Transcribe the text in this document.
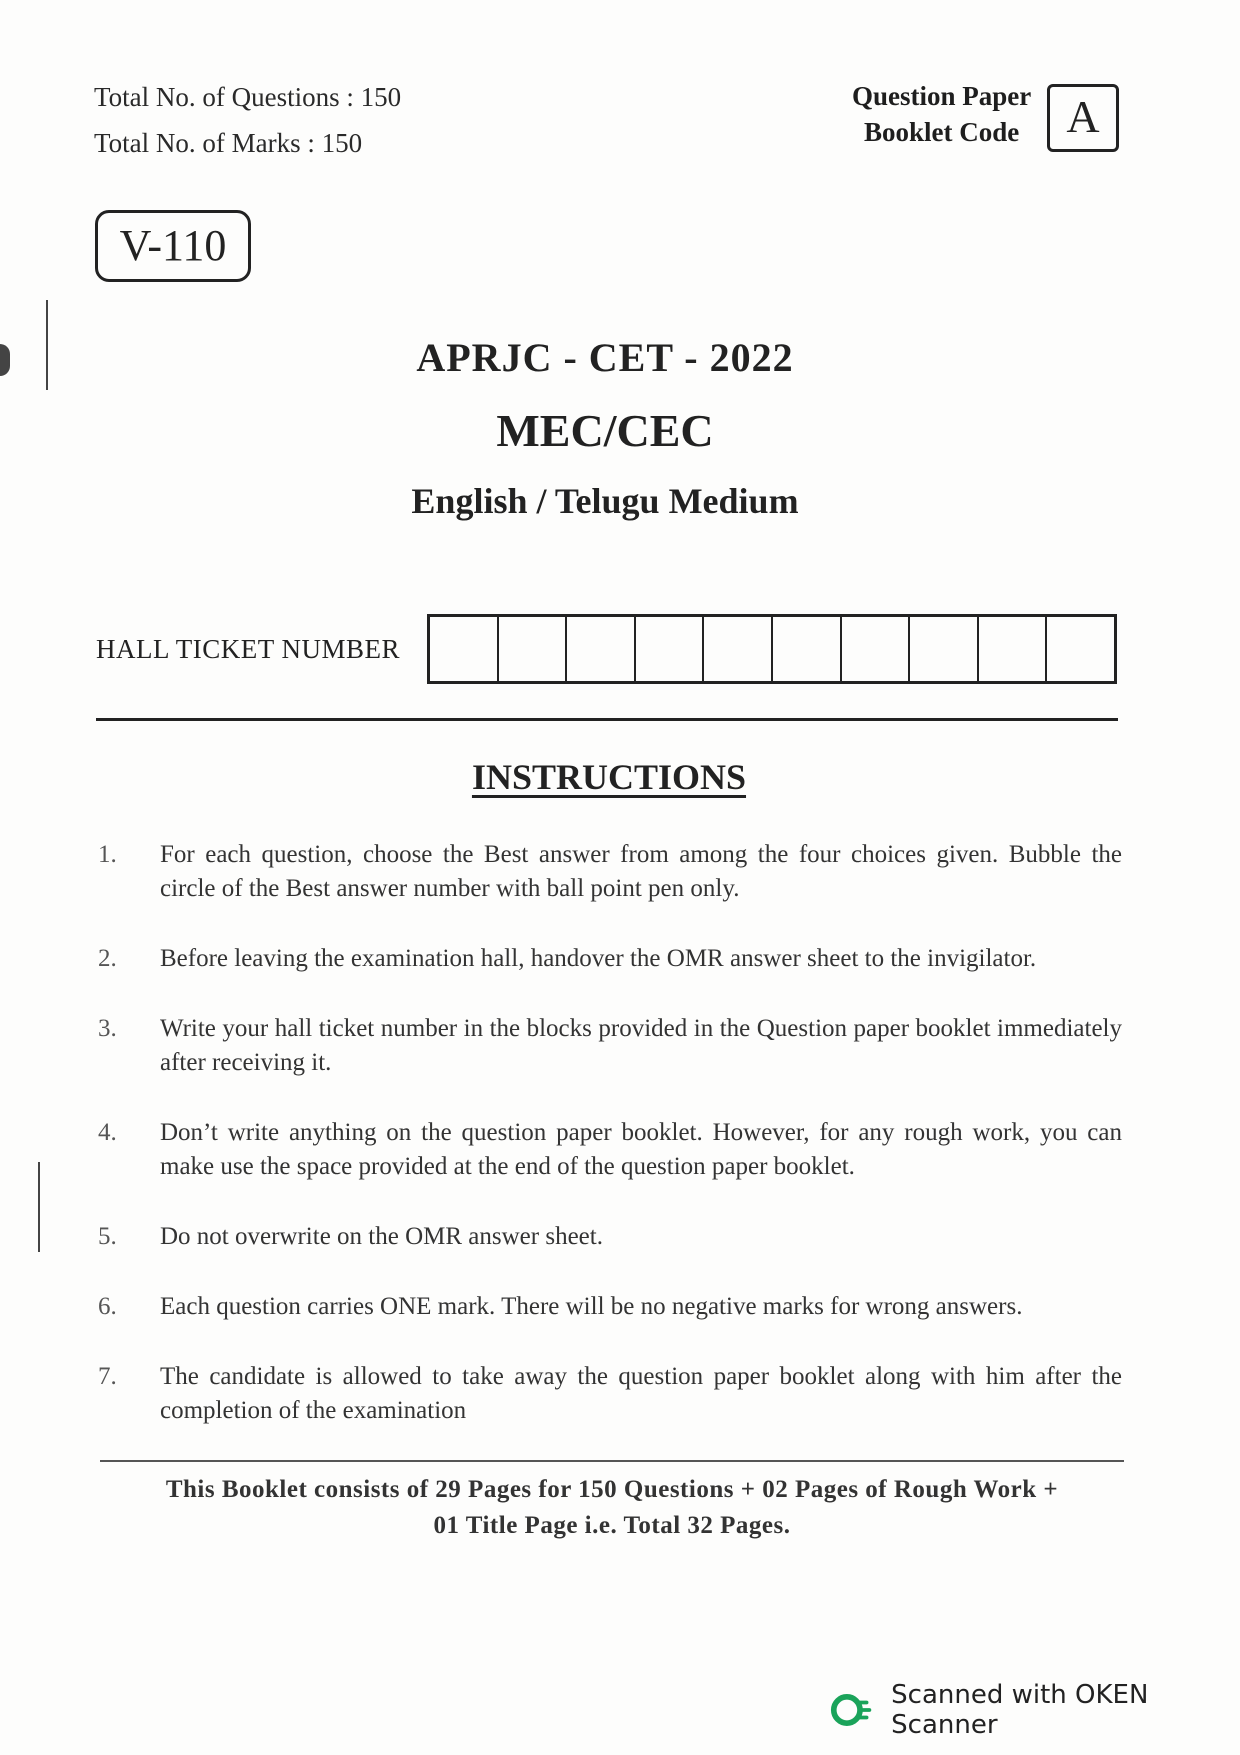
Total No. of Questions : 150
Total No. of Marks : 150
Question Paper
Booklet Code	A
V-110
APRJC - CET - 2022
MEC/CEC
English / Telugu Medium
HALL TICKET NUMBER
INSTRUCTIONS
1.	For each question, choose the Best answer from among the four choices given. Bubble the circle of the Best answer number with ball point pen only.
2.	Before leaving the examination hall, handover the OMR answer sheet to the invigilator.
3.	Write your hall ticket number in the blocks provided in the Question paper booklet immediately after receiving it.
4.	Don’t write anything on the question paper booklet. However, for any rough work, you can make use the space provided at the end of the question paper booklet.
5.	Do not overwrite on the OMR answer sheet.
6.	Each question carries ONE mark. There will be no negative marks for wrong answers.
7.	The candidate is allowed to take away the question paper booklet along with him after the completion of the examination
This Booklet consists of 29 Pages for 150 Questions + 02 Pages of Rough Work +
01 Title Page i.e. Total 32 Pages.
Scanned with OKEN Scanner
